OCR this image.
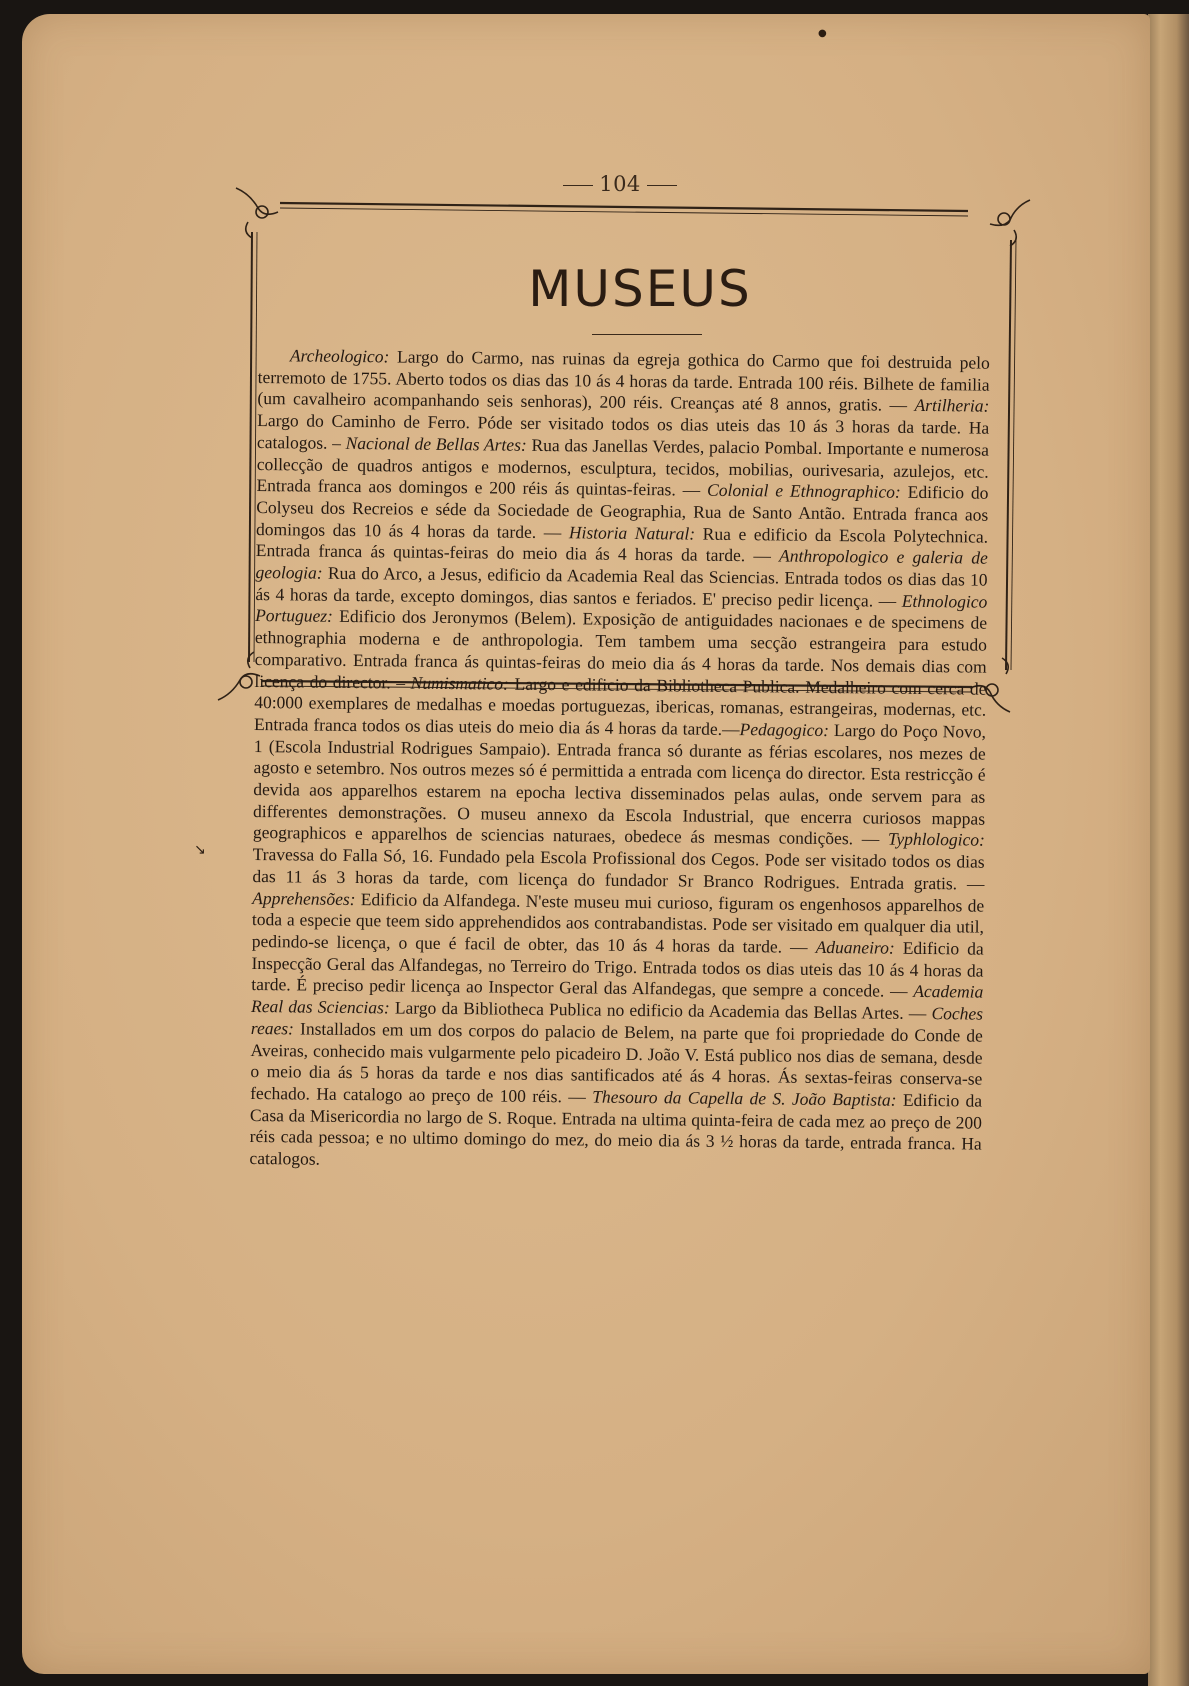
104
MUSEUS
Archeologico: Largo do Carmo, nas ruinas da egreja gothica do Carmo que foi destruida pelo terremoto de 1755. Aberto todos os dias das 10 ás 4 horas da tarde. Entrada 100 réis. Bilhete de familia (um cavalheiro acompanhando seis senhoras), 200 réis. Creanças até 8 annos, gratis. — Artilheria: Largo do Caminho de Ferro. Póde ser visitado todos os dias uteis das 10 ás 3 horas da tarde. Ha catalogos. – Nacional de Bellas Artes: Rua das Janellas Verdes, palacio Pombal. Importante e numerosa collecção de quadros antigos e modernos, esculptura, tecidos, mobilias, ourivesaria, azulejos, etc. Entrada franca aos domingos e 200 réis ás quintas-feiras. — Colonial e Ethnographico: Edificio do Colyseu dos Recreios e séde da Sociedade de Geographia, Rua de Santo Antão. Entrada franca aos domingos das 10 ás 4 horas da tarde. — Historia Natural: Rua e edificio da Escola Polytechnica. Entrada franca ás quintas-feiras do meio dia ás 4 horas da tarde. — Anthropologico e galeria de geologia: Rua do Arco, a Jesus, edificio da Academia Real das Sciencias. Entrada todos os dias das 10 ás 4 horas da tarde, excepto domingos, dias santos e feriados. E' preciso pedir licença. — Ethnologico Portuguez: Edificio dos Jeronymos (Belem). Exposição de antiguidades nacionaes e de specimens de ethnographia moderna e de anthropologia. Tem tambem uma secção estrangeira para estudo comparativo. Entrada franca ás quintas-feiras do meio dia ás 4 horas da tarde. Nos demais dias com licença do director. – Numismatico: Largo e edificio da Bibliotheca Publica. Medalheiro com cerca de 40:000 exemplares de medalhas e moedas portuguezas, ibericas, romanas, estrangeiras, modernas, etc. Entrada franca todos os dias uteis do meio dia ás 4 horas da tarde.—Pedagogico: Largo do Poço Novo, 1 (Escola Industrial Rodrigues Sampaio). Entrada franca só durante as férias escolares, nos mezes de agosto e setembro. Nos outros mezes só é permittida a entrada com licença do director. Esta restricção é devida aos apparelhos estarem na epocha lectiva disseminados pelas aulas, onde servem para as differentes demonstrações. O museu annexo da Escola Industrial, que encerra curiosos mappas geographicos e apparelhos de sciencias naturaes, obedece ás mesmas condições. — Typhlologico: Travessa do Falla Só, 16. Fundado pela Escola Profissional dos Cegos. Pode ser visitado todos os dias das 11 ás 3 horas da tarde, com licença do fundador Sr Branco Rodrigues. Entrada gratis. — Apprehensões: Edificio da Alfandega. N'este museu mui curioso, figuram os engenhosos apparelhos de toda a especie que teem sido apprehendidos aos contrabandistas. Pode ser visitado em qualquer dia util, pedindo-se licença, o que é facil de obter, das 10 ás 4 horas da tarde. — Aduaneiro: Edificio da Inspecção Geral das Alfandegas, no Terreiro do Trigo. Entrada todos os dias uteis das 10 ás 4 horas da tarde. É preciso pedir licença ao Inspector Geral das Alfandegas, que sempre a concede. — Academia Real das Sciencias: Largo da Bibliotheca Publica no edificio da Academia das Bellas Artes. — Coches reaes: Installados em um dos corpos do palacio de Belem, na parte que foi propriedade do Conde de Aveiras, conhecido mais vulgarmente pelo picadeiro D. João V. Está publico nos dias de semana, desde o meio dia ás 5 horas da tarde e nos dias santificados até ás 4 horas. Ás sextas-feiras conserva-se fechado. Ha catalogo ao preço de 100 réis. — Thesouro da Capella de S. João Baptista: Edificio da Casa da Misericordia no largo de S. Roque. Entrada na ultima quinta-feira de cada mez ao preço de 200 réis cada pessoa; e no ultimo domingo do mez, do meio dia ás 3 ½ horas da tarde, entrada franca. Ha catalogos.
↘
●
